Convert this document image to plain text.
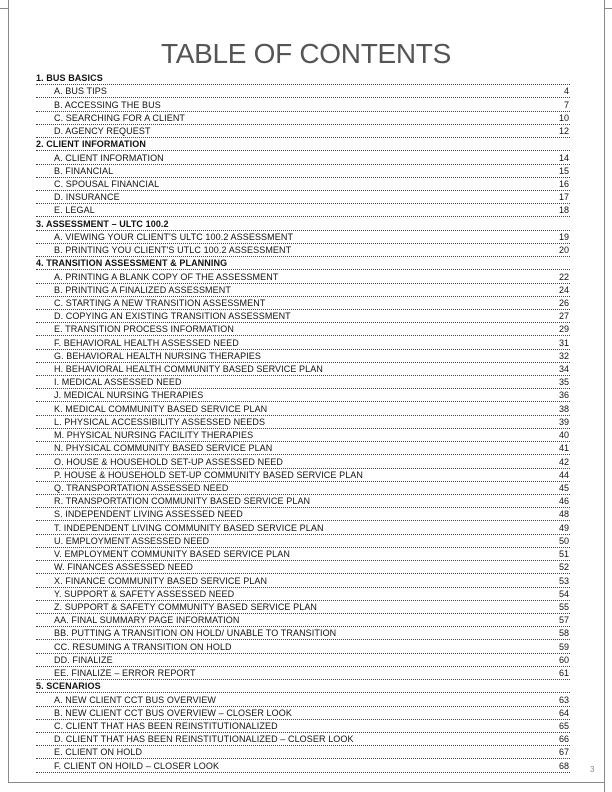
TABLE OF CONTENTS
1. BUS BASICS
A. BUS TIPS	4
B. ACCESSING THE BUS	7
C. SEARCHING FOR A CLIENT	10
D. AGENCY REQUEST	12
2. CLIENT INFORMATION
A. CLIENT INFORMATION	14
B. FINANCIAL	15
C. SPOUSAL FINANCIAL	16
D. INSURANCE	17
E. LEGAL	18
3. ASSESSMENT – ULTC 100.2
A. VIEWING YOUR CLIENT'S ULTC 100.2 ASSESSMENT	19
B. PRINTING YOU CLIENT'S UTLC 100.2 ASSESSMENT	20
4. TRANSITION ASSESSMENT & PLANNING
A. PRINTING A BLANK COPY OF THE ASSESSMENT	22
B. PRINTING A FINALIZED ASSESSMENT	24
C. STARTING A NEW TRANSITION ASSESSMENT	26
D. COPYING AN EXISTING TRANSITION ASSESSMENT	27
E. TRANSITION PROCESS INFORMATION	29
F. BEHAVIORAL HEALTH ASSESSED NEED	31
G. BEHAVIORAL HEALTH NURSING THERAPIES	32
H. BEHAVIORAL HEALTH COMMUNITY BASED SERVICE PLAN	34
I. MEDICAL ASSESSED NEED	35
J. MEDICAL NURSING THERAPIES	36
K. MEDICAL COMMUNITY BASED SERVICE PLAN	38
L. PHYSICAL ACCESSIBILITY ASSESSED NEEDS	39
M. PHYSICAL NURSING FACILITY THERAPIES	40
N. PHYSICAL COMMUNITY BASED SERVICE PLAN	41
O. HOUSE & HOUSEHOLD SET-UP ASSESSED NEED	42
P. HOUSE & HOUSEHOLD SET-UP COMMUNITY BASED SERVICE PLAN	44
Q. TRANSPORTATION ASSESSED NEED	45
R. TRANSPORTATION COMMUNITY BASED SERVICE PLAN	46
S. INDEPENDENT LIVING ASSESSED NEED	48
T. INDEPENDENT LIVING COMMUNITY BASED SERVICE PLAN	49
U. EMPLOYMENT ASSESSED NEED	50
V. EMPLOYMENT COMMUNITY BASED SERVICE PLAN	51
W. FINANCES ASSESSED NEED	52
X. FINANCE COMMUNITY BASED SERVICE PLAN	53
Y. SUPPORT & SAFETY ASSESSED NEED	54
Z. SUPPORT & SAFETY COMMUNITY BASED SERVICE PLAN	55
AA. FINAL SUMMARY PAGE INFORMATION	57
BB. PUTTING A TRANSITION ON HOLD/ UNABLE TO TRANSITION	58
CC. RESUMING A TRANSITION ON HOLD	59
DD. FINALIZE	60
EE. FINALIZE – ERROR REPORT	61
5. SCENARIOS
A. NEW CLIENT CCT BUS OVERVIEW	63
B. NEW CLIENT CCT BUS OVERVIEW – CLOSER LOOK	64
C. CLIENT THAT HAS BEEN REINSTITUTIONALIZED	65
D. CLIENT THAT HAS BEEN REINSTITUTIONALIZED – CLOSER LOOK	66
E. CLIENT ON HOLD	67
F. CLIENT ON HOILD – CLOSER LOOK	68	3
